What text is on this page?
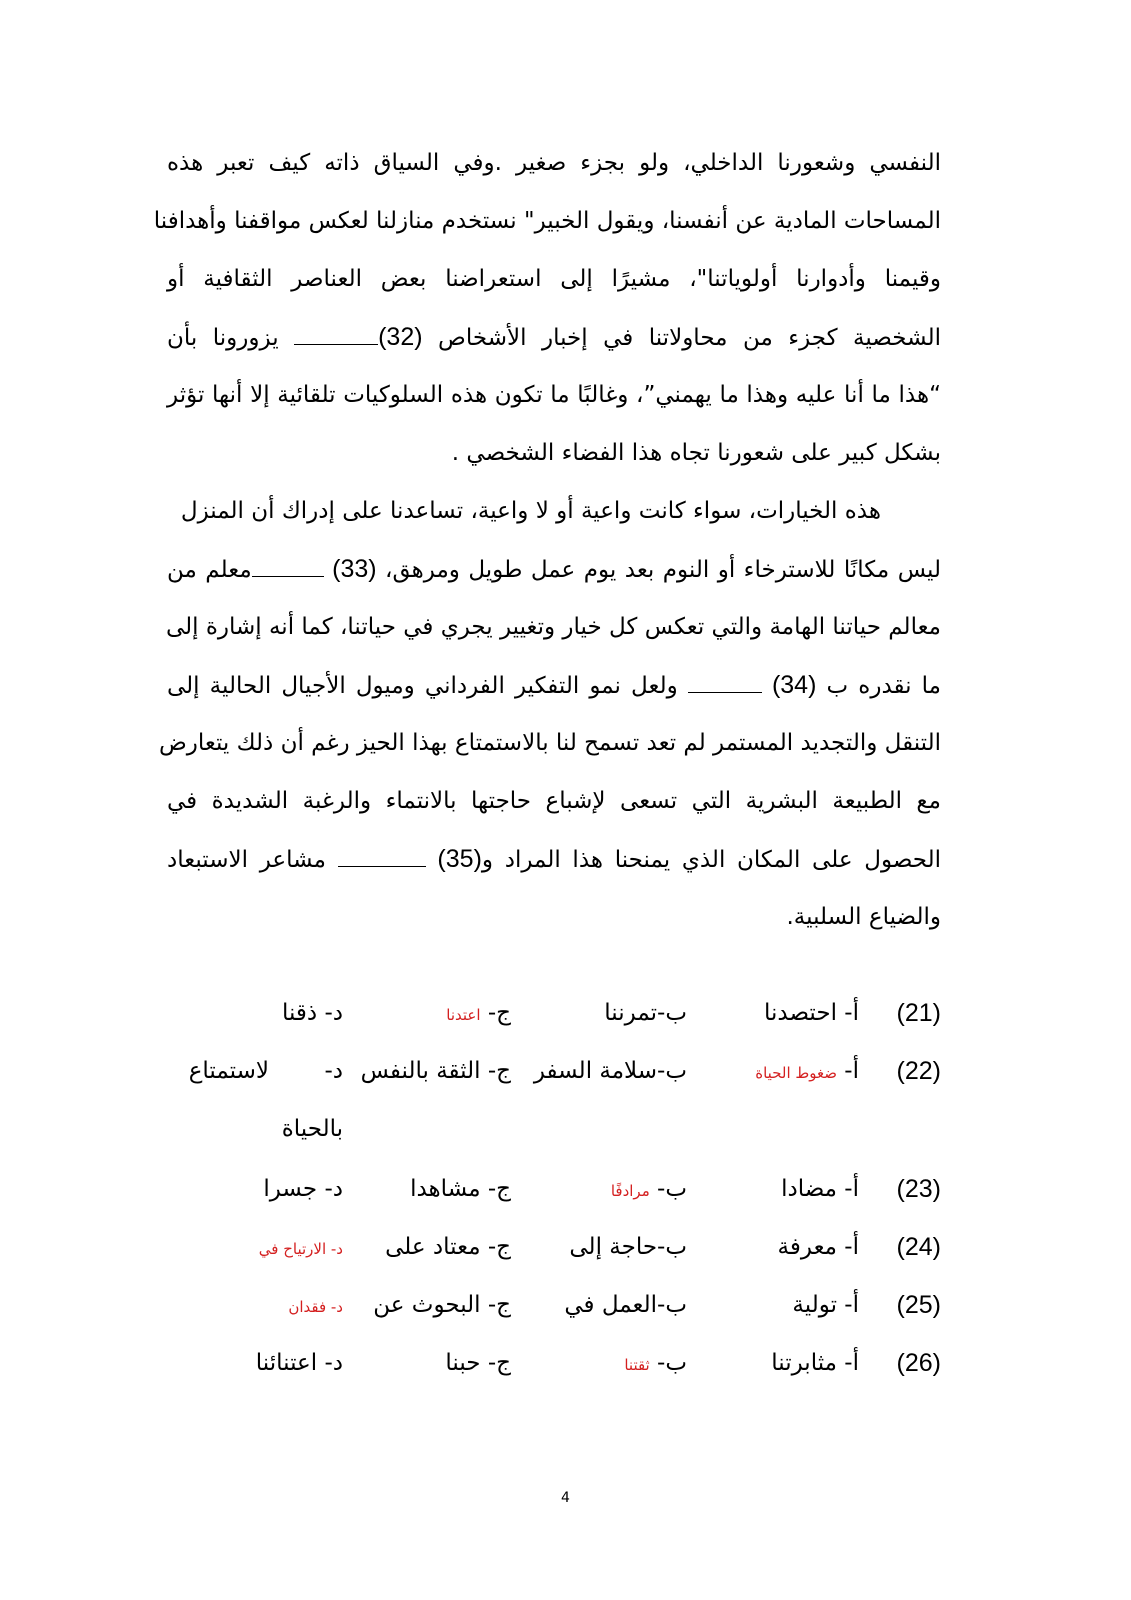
النفسي وشعورنا الداخلي، ولو بجزء صغير .وفي السياق ذاته كيف تعبر هذه
المساحات المادية عن أنفسنا، ويقول الخبير" نستخدم منازلنا لعكس مواقفنا وأهدافنا
وقيمنا وأدوارنا أولوياتنا"، مشيرًا إلى استعراضنا بعض العناصر الثقافية أو
الشخصية كجزء من محاولاتنا في إخبار الأشخاص (32) يزورونا بأن
“هذا ما أنا عليه وهذا ما يهمني”، وغالبًا ما تكون هذه السلوكيات تلقائية إلا أنها تؤثر
بشكل كبير على شعورنا تجاه هذا الفضاء الشخصي .
هذه الخيارات، سواء كانت واعية أو لا واعية، تساعدنا على إدراك أن المنزل
ليس مكانًا للاسترخاء أو النوم بعد يوم عمل طويل ومرهق، (33) معلم من
معالم حياتنا الهامة والتي تعكس كل خيار وتغيير يجري في حياتنا، كما أنه إشارة إلى
ما نقدره ب (34)  ولعل نمو التفكير الفرداني وميول الأجيال الحالية إلى
التنقل والتجديد المستمر لم تعد تسمح لنا بالاستمتاع بهذا الحيز رغم أن ذلك يتعارض
مع الطبيعة البشرية التي تسعى لإشباع حاجتها بالانتماء والرغبة الشديدة في
الحصول على المكان الذي يمنحنا هذا المراد و(35)  مشاعر الاستبعاد
والضياع السلبية.
(21)
أ- احتصدنا
ب-تمرننا
ج- اعتدنا
د- ذقنا
(22)
أ- ضغوط الحياة
ب-سلامة السفر
ج- الثقة بالنفس
د-
لاستمتاع
بالحياة
(23)
أ- مضادا
ب- مرادفًا
ج- مشاهدا
د- جسرا
(24)
أ- معرفة
ب-حاجة إلى
ج- معتاد على
د- الارتياح في
(25)
أ- تولية
ب-العمل في
ج- البحوث عن
د- فقدان
(26)
أ- مثابرتنا
ب- ثقتنا
ج- حبنا
د- اعتنائنا
4
